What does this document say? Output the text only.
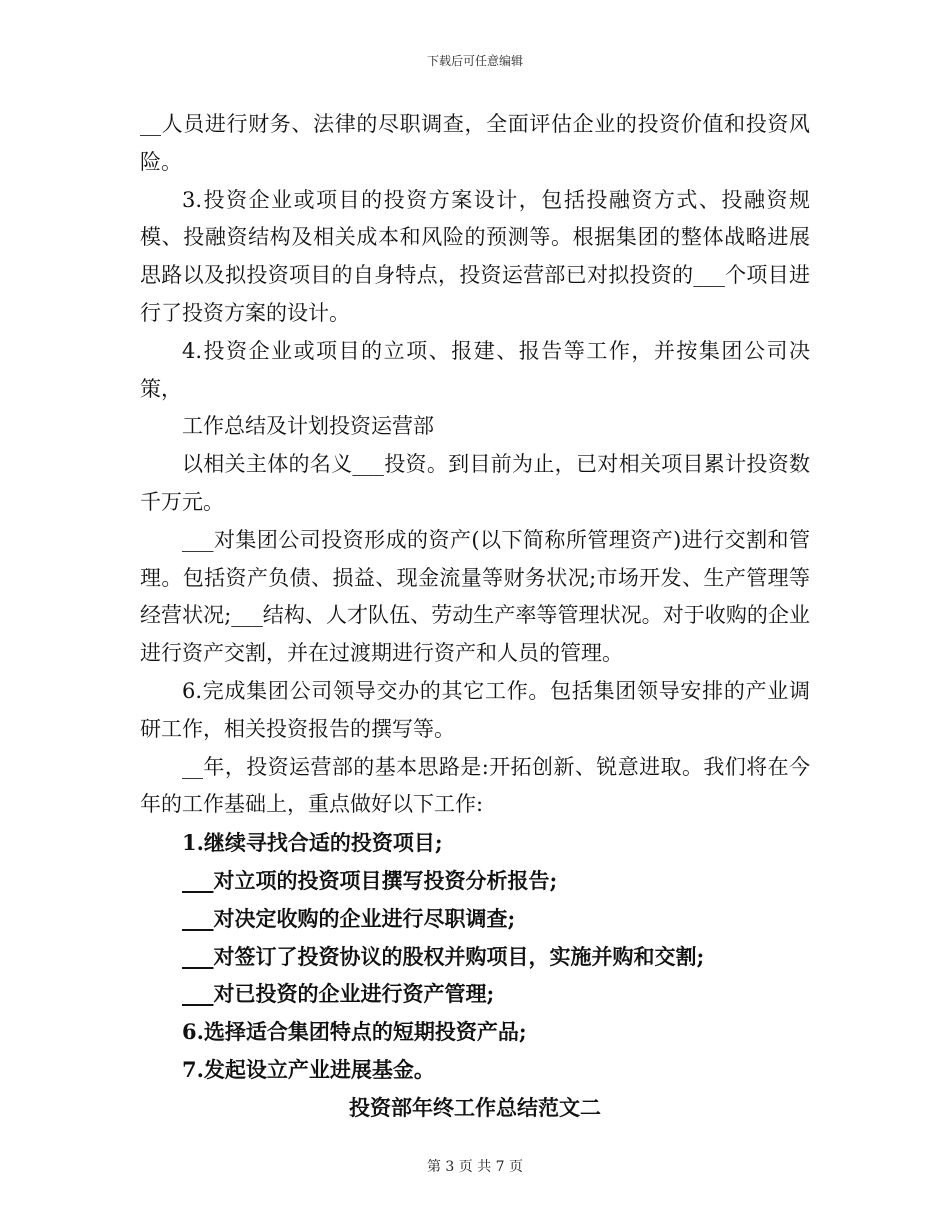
下载后可任意编辑

__人员进行财务、法律的尽职调查，全面评估企业的投资价值和投资风险。

3.投资企业或项目的投资方案设计，包括投融资方式、投融资规模、投融资结构及相关成本和风险的预测等。根据集团的整体战略进展思路以及拟投资项目的自身特点，投资运营部已对拟投资的___个项目进行了投资方案的设计。

4.投资企业或项目的立项、报建、报告等工作，并按集团公司决策，

工作总结及计划投资运营部

以相关主体的名义___投资。到目前为止，已对相关项目累计投资数千万元。

___对集团公司投资形成的资产(以下简称所管理资产)进行交割和管理。包括资产负债、损益、现金流量等财务状况;市场开发、生产管理等经营状况;___结构、人才队伍、劳动生产率等管理状况。对于收购的企业进行资产交割，并在过渡期进行资产和人员的管理。

6.完成集团公司领导交办的其它工作。包括集团领导安排的产业调研工作，相关投资报告的撰写等。

__年，投资运营部的基本思路是:开拓创新、锐意进取。我们将在今年的工作基础上，重点做好以下工作:

1.继续寻找合适的投资项目;

___对立项的投资项目撰写投资分析报告;

___对决定收购的企业进行尽职调查;

___对签订了投资协议的股权并购项目，实施并购和交割;

___对已投资的企业进行资产管理;

6.选择适合集团特点的短期投资产品;

7.发起设立产业进展基金。

投资部年终工作总结范文二

第 3 页 共 7 页
